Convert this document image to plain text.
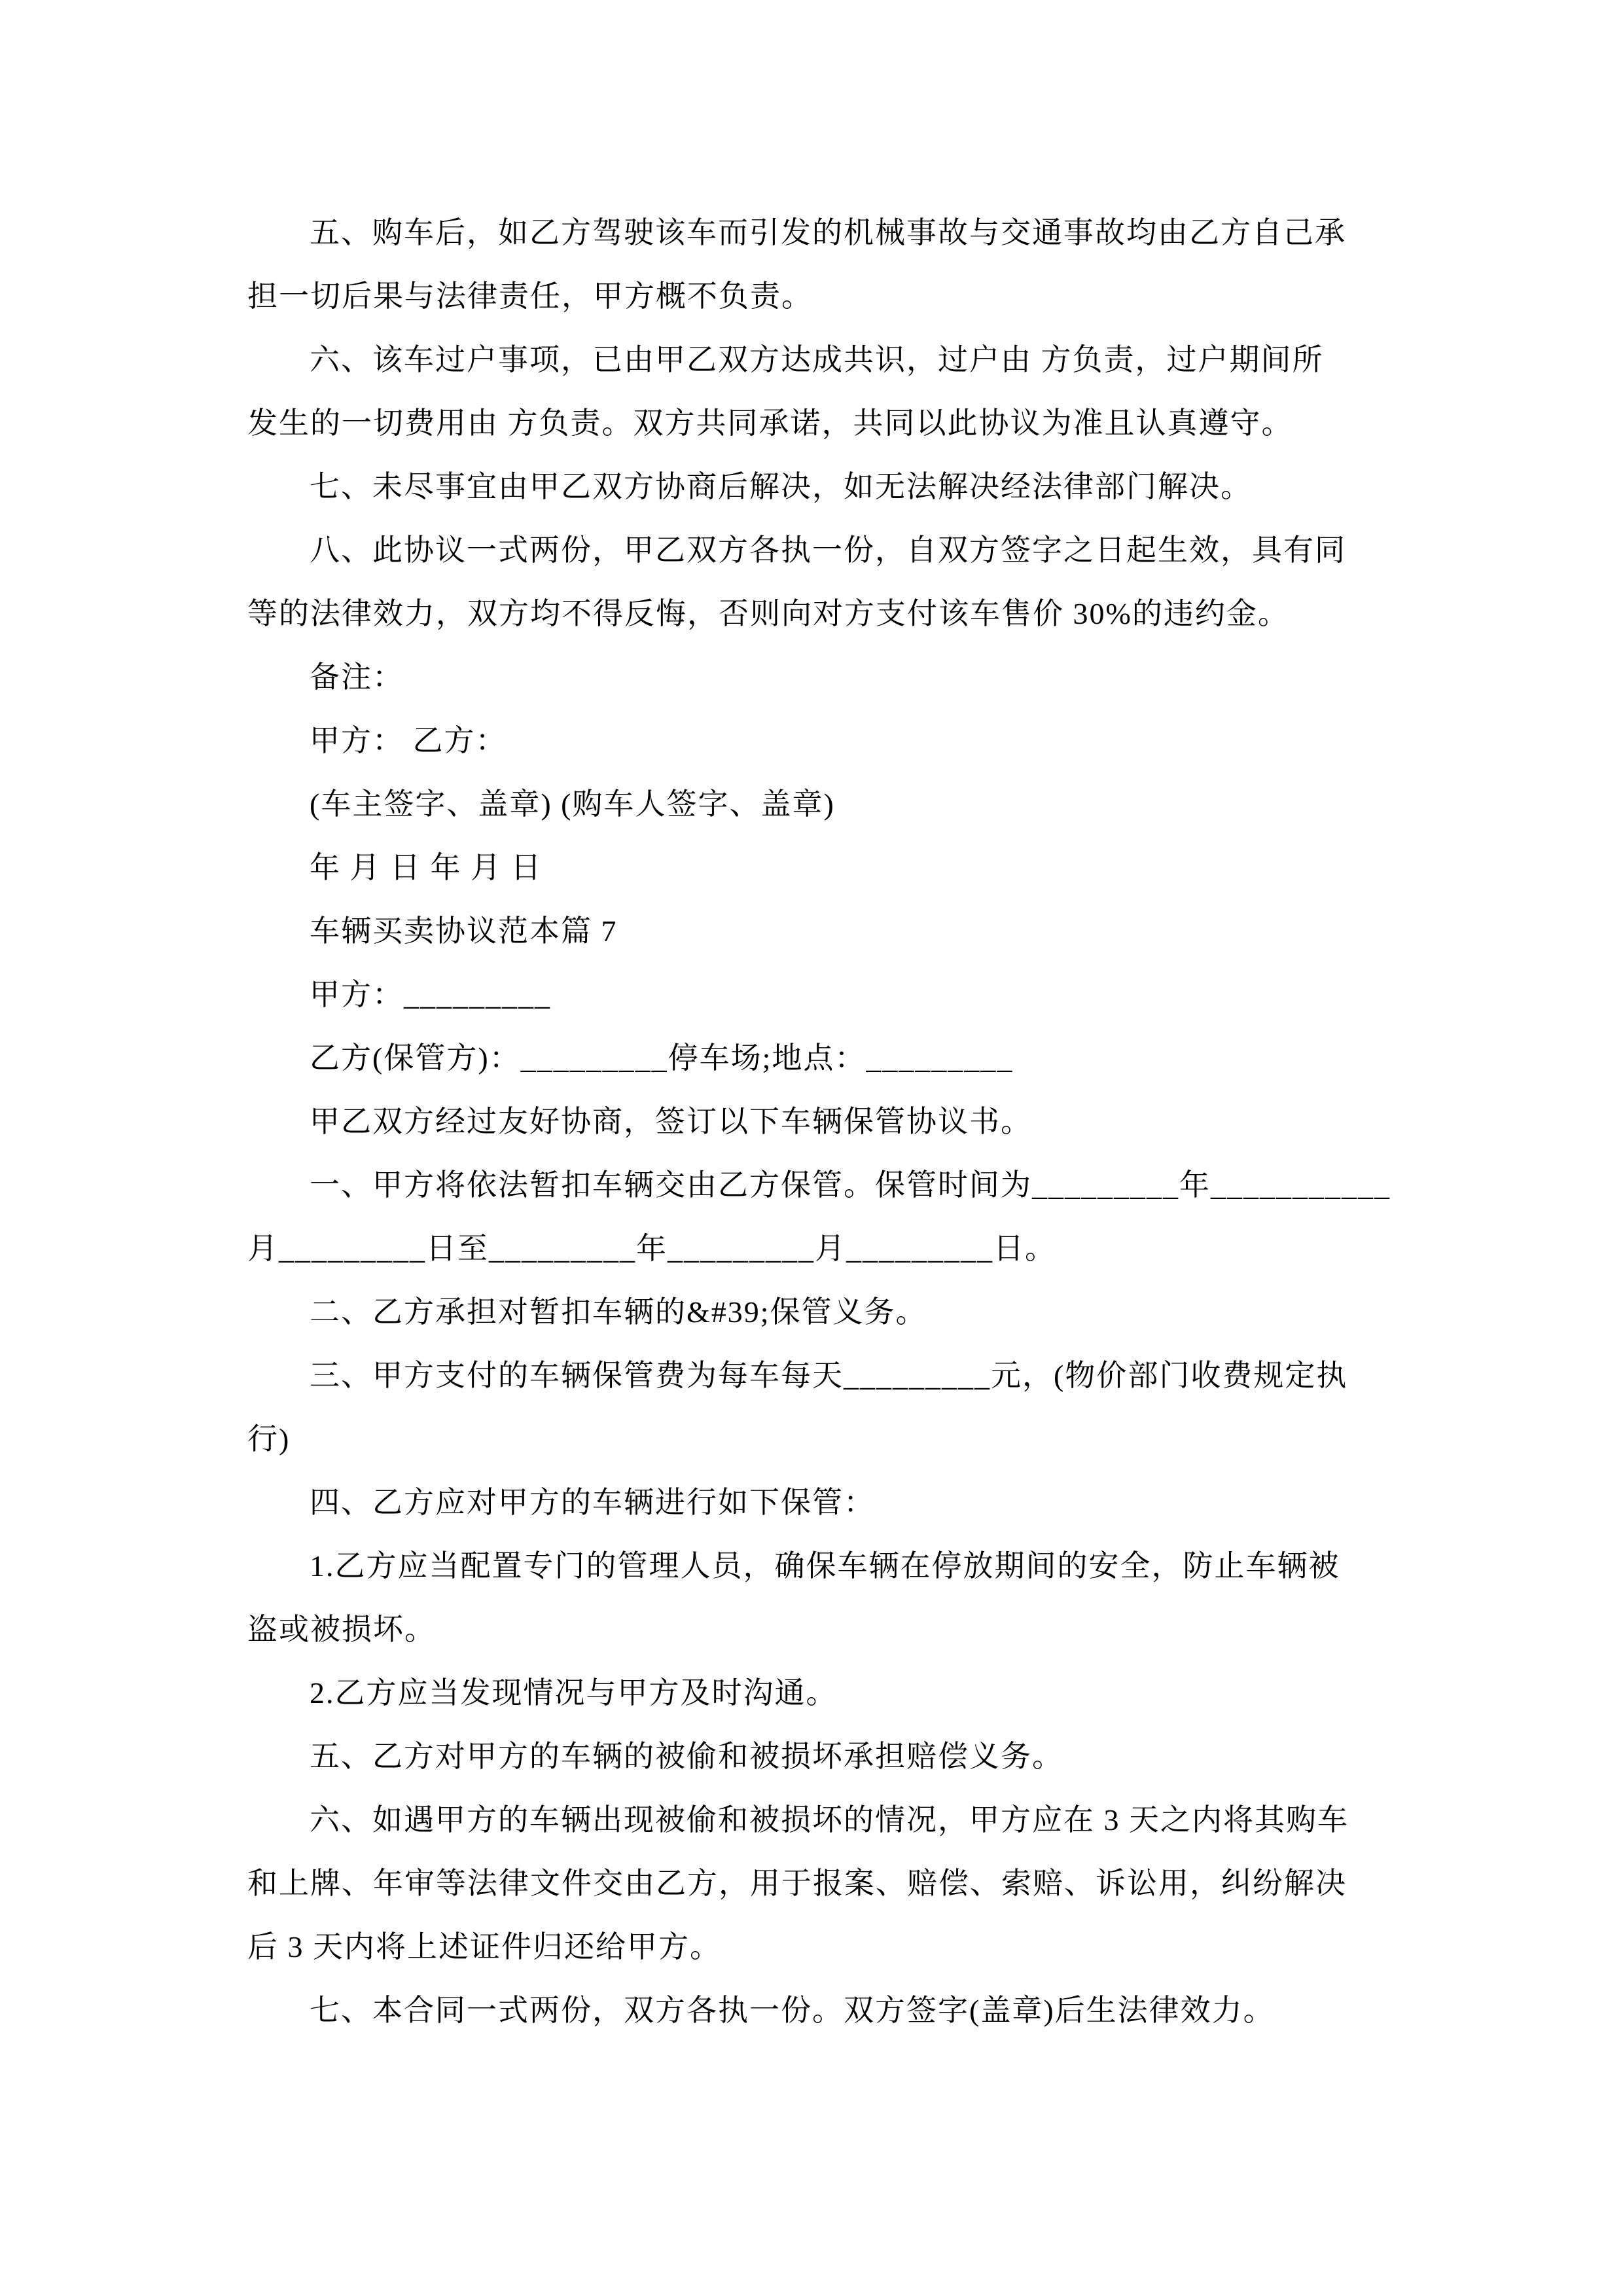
五、购车后，如乙方驾驶该车而引发的机械事故与交通事故均由乙方自己承
担一切后果与法律责任，甲方概不负责。
六、该车过户事项，已由甲乙双方达成共识，过户由 方负责，过户期间所
发生的一切费用由 方负责。双方共同承诺，共同以此协议为准且认真遵守。
七、未尽事宜由甲乙双方协商后解决，如无法解决经法律部门解决。
八、此协议一式两份，甲乙双方各执一份，自双方签字之日起生效，具有同
等的法律效力，双方均不得反悔，否则向对方支付该车售价 30%的违约金。
备注：
甲方： 乙方：
(车主签字、盖章) (购车人签字、盖章)
年 月 日 年 月 日
车辆买卖协议范本篇 7
甲方：_________
乙方(保管方)：_________停车场;地点：_________
甲乙双方经过友好协商，签订以下车辆保管协议书。
一、甲方将依法暂扣车辆交由乙方保管。保管时间为_________年___________
月_________日至_________年_________月_________日。
二、乙方承担对暂扣车辆的&#39;保管义务。
三、甲方支付的车辆保管费为每车每天_________元，(物价部门收费规定执
行)
四、乙方应对甲方的车辆进行如下保管：
1.乙方应当配置专门的管理人员，确保车辆在停放期间的安全，防止车辆被
盗或被损坏。
2.乙方应当发现情况与甲方及时沟通。
五、乙方对甲方的车辆的被偷和被损坏承担赔偿义务。
六、如遇甲方的车辆出现被偷和被损坏的情况，甲方应在 3 天之内将其购车
和上牌、年审等法律文件交由乙方，用于报案、赔偿、索赔、诉讼用，纠纷解决
后 3 天内将上述证件归还给甲方。
七、本合同一式两份，双方各执一份。双方签字(盖章)后生法律效力。
